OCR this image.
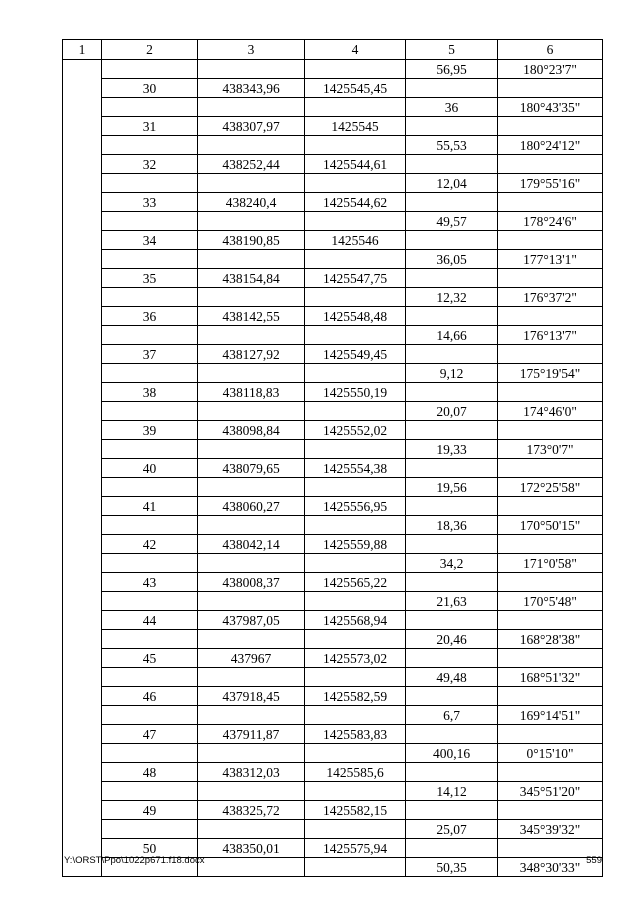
1	2	3	4	5	6
				56,95	180°23'7"
	30	438343,96	1425545,45		
				36	180°43'35"
	31	438307,97	1425545		
				55,53	180°24'12"
	32	438252,44	1425544,61		
				12,04	179°55'16"
	33	438240,4	1425544,62		
				49,57	178°24'6"
	34	438190,85	1425546		
				36,05	177°13'1"
	35	438154,84	1425547,75		
				12,32	176°37'2"
	36	438142,55	1425548,48		
				14,66	176°13'7"
	37	438127,92	1425549,45		
				9,12	175°19'54"
	38	438118,83	1425550,19		
				20,07	174°46'0"
	39	438098,84	1425552,02		
				19,33	173°0'7"
	40	438079,65	1425554,38		
				19,56	172°25'58"
	41	438060,27	1425556,95		
				18,36	170°50'15"
	42	438042,14	1425559,88		
				34,2	171°0'58"
	43	438008,37	1425565,22		
				21,63	170°5'48"
	44	437987,05	1425568,94		
				20,46	168°28'38"
	45	437967	1425573,02		
				49,48	168°51'32"
	46	437918,45	1425582,59		
				6,7	169°14'51"
	47	437911,87	1425583,83		
				400,16	0°15'10"
	48	438312,03	1425585,6		
				14,12	345°51'20"
	49	438325,72	1425582,15		
				25,07	345°39'32"
	50	438350,01	1425575,94		
				50,35	348°30'33"
Y:\ORST\Ppo\1022p671.f18.docx	559
